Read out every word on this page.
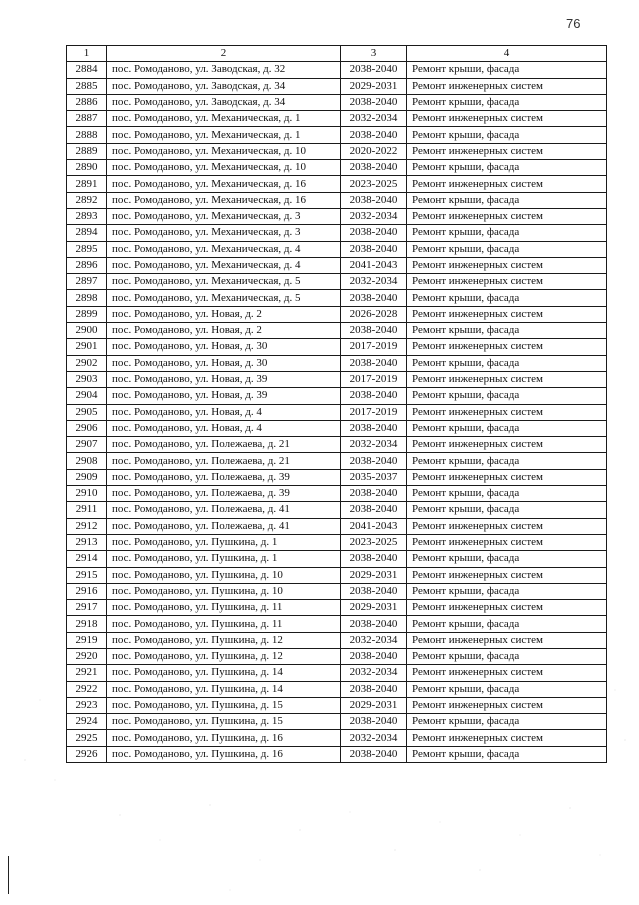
76
1	2	3	4
2884	пос. Ромоданово, ул. Заводская, д. 32	2038-2040	Ремонт крыши, фасада
2885	пос. Ромоданово, ул. Заводская, д. 34	2029-2031	Ремонт инженерных систем
2886	пос. Ромоданово, ул. Заводская, д. 34	2038-2040	Ремонт крыши, фасада
2887	пос. Ромоданово, ул. Механическая, д. 1	2032-2034	Ремонт инженерных систем
2888	пос. Ромоданово, ул. Механическая, д. 1	2038-2040	Ремонт крыши, фасада
2889	пос. Ромоданово, ул. Механическая, д. 10	2020-2022	Ремонт инженерных систем
2890	пос. Ромоданово, ул. Механическая, д. 10	2038-2040	Ремонт крыши, фасада
2891	пос. Ромоданово, ул. Механическая, д. 16	2023-2025	Ремонт инженерных систем
2892	пос. Ромоданово, ул. Механическая, д. 16	2038-2040	Ремонт крыши, фасада
2893	пос. Ромоданово, ул. Механическая, д. 3	2032-2034	Ремонт инженерных систем
2894	пос. Ромоданово, ул. Механическая, д. 3	2038-2040	Ремонт крыши, фасада
2895	пос. Ромоданово, ул. Механическая, д. 4	2038-2040	Ремонт крыши, фасада
2896	пос. Ромоданово, ул. Механическая, д. 4	2041-2043	Ремонт инженерных систем
2897	пос. Ромоданово, ул. Механическая, д. 5	2032-2034	Ремонт инженерных систем
2898	пос. Ромоданово, ул. Механическая, д. 5	2038-2040	Ремонт крыши, фасада
2899	пос. Ромоданово, ул. Новая, д. 2	2026-2028	Ремонт инженерных систем
2900	пос. Ромоданово, ул. Новая, д. 2	2038-2040	Ремонт крыши, фасада
2901	пос. Ромоданово, ул. Новая, д. 30	2017-2019	Ремонт инженерных систем
2902	пос. Ромоданово, ул. Новая, д. 30	2038-2040	Ремонт крыши, фасада
2903	пос. Ромоданово, ул. Новая, д. 39	2017-2019	Ремонт инженерных систем
2904	пос. Ромоданово, ул. Новая, д. 39	2038-2040	Ремонт крыши, фасада
2905	пос. Ромоданово, ул. Новая, д. 4	2017-2019	Ремонт инженерных систем
2906	пос. Ромоданово, ул. Новая, д. 4	2038-2040	Ремонт крыши, фасада
2907	пос. Ромоданово, ул. Полежаева, д. 21	2032-2034	Ремонт инженерных систем
2908	пос. Ромоданово, ул. Полежаева, д. 21	2038-2040	Ремонт крыши, фасада
2909	пос. Ромоданово, ул. Полежаева, д. 39	2035-2037	Ремонт инженерных систем
2910	пос. Ромоданово, ул. Полежаева, д. 39	2038-2040	Ремонт крыши, фасада
2911	пос. Ромоданово, ул. Полежаева, д. 41	2038-2040	Ремонт крыши, фасада
2912	пос. Ромоданово, ул. Полежаева, д. 41	2041-2043	Ремонт инженерных систем
2913	пос. Ромоданово, ул. Пушкина, д. 1	2023-2025	Ремонт инженерных систем
2914	пос. Ромоданово, ул. Пушкина, д. 1	2038-2040	Ремонт крыши, фасада
2915	пос. Ромоданово, ул. Пушкина, д. 10	2029-2031	Ремонт инженерных систем
2916	пос. Ромоданово, ул. Пушкина, д. 10	2038-2040	Ремонт крыши, фасада
2917	пос. Ромоданово, ул. Пушкина, д. 11	2029-2031	Ремонт инженерных систем
2918	пос. Ромоданово, ул. Пушкина, д. 11	2038-2040	Ремонт крыши, фасада
2919	пос. Ромоданово, ул. Пушкина, д. 12	2032-2034	Ремонт инженерных систем
2920	пос. Ромоданово, ул. Пушкина, д. 12	2038-2040	Ремонт крыши, фасада
2921	пос. Ромоданово, ул. Пушкина, д. 14	2032-2034	Ремонт инженерных систем
2922	пос. Ромоданово, ул. Пушкина, д. 14	2038-2040	Ремонт крыши, фасада
2923	пос. Ромоданово, ул. Пушкина, д. 15	2029-2031	Ремонт инженерных систем
2924	пос. Ромоданово, ул. Пушкина, д. 15	2038-2040	Ремонт крыши, фасада
2925	пос. Ромоданово, ул. Пушкина, д. 16	2032-2034	Ремонт инженерных систем
2926	пос. Ромоданово, ул. Пушкина, д. 16	2038-2040	Ремонт крыши, фасада
